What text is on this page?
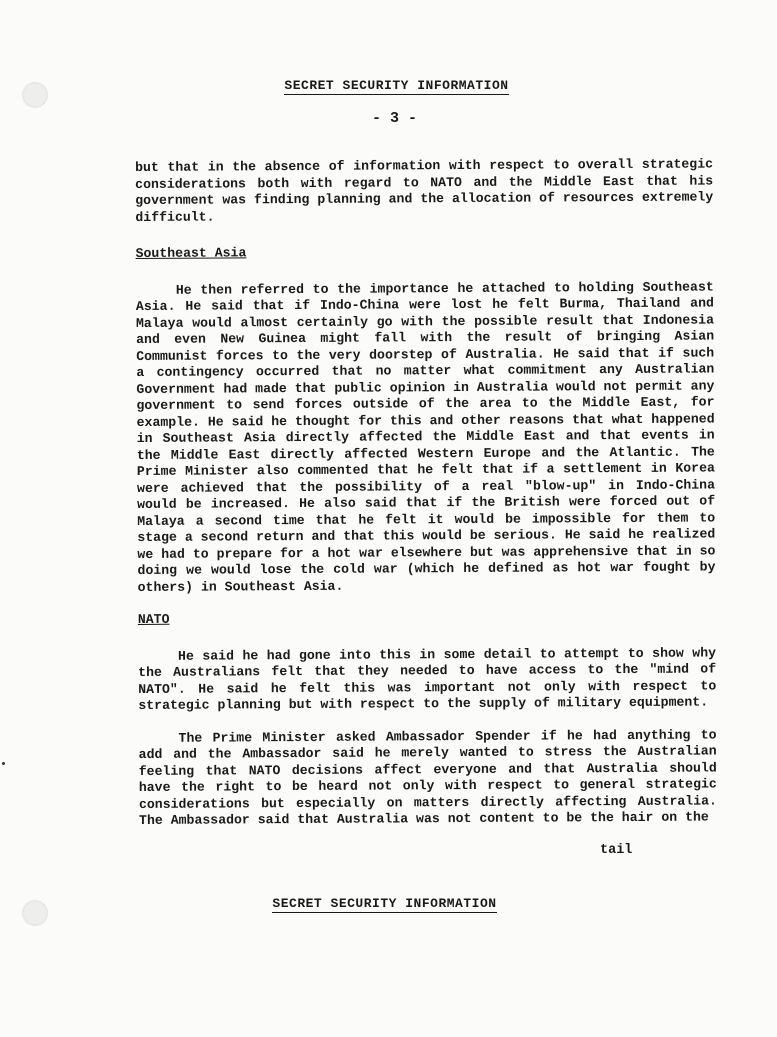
SECRET SECURITY INFORMATION
- 3 -

but that in the absence of information with respect to overall strategic considerations both with regard to NATO and the Middle East that his government was finding planning and the allocation of resources extremely difficult.

Southeast Asia

He then referred to the importance he attached to holding Southeast Asia. He said that if Indo-China were lost he felt Burma, Thailand and Malaya would almost certainly go with the possible result that Indonesia and even New Guinea might fall with the result of bringing Asian Communist forces to the very doorstep of Australia. He said that if such a contingency occurred that no matter what commitment any Australian Government had made that public opinion in Australia would not permit any government to send forces outside of the area to the Middle East, for example. He said he thought for this and other reasons that what happened in Southeast Asia directly affected the Middle East and that events in the Middle East directly affected Western Europe and the Atlantic. The Prime Minister also commented that he felt that if a settlement in Korea were achieved that the possibility of a real "blow-up" in Indo-China would be increased. He also said that if the British were forced out of Malaya a second time that he felt it would be impossible for them to stage a second return and that this would be serious. He said he realized we had to prepare for a hot war elsewhere but was apprehensive that in so doing we would lose the cold war (which he defined as hot war fought by others) in Southeast Asia.

NATO

He said he had gone into this in some detail to attempt to show why the Australians felt that they needed to have access to the "mind of NATO". He said he felt this was important not only with respect to strategic planning but with respect to the supply of military equipment.

The Prime Minister asked Ambassador Spender if he had anything to add and the Ambassador said he merely wanted to stress the Australian feeling that NATO decisions affect everyone and that Australia should have the right to be heard not only with respect to general strategic considerations but especially on matters directly affecting Australia. The Ambassador said that Australia was not content to be the hair on the

tail
SECRET SECURITY INFORMATION
